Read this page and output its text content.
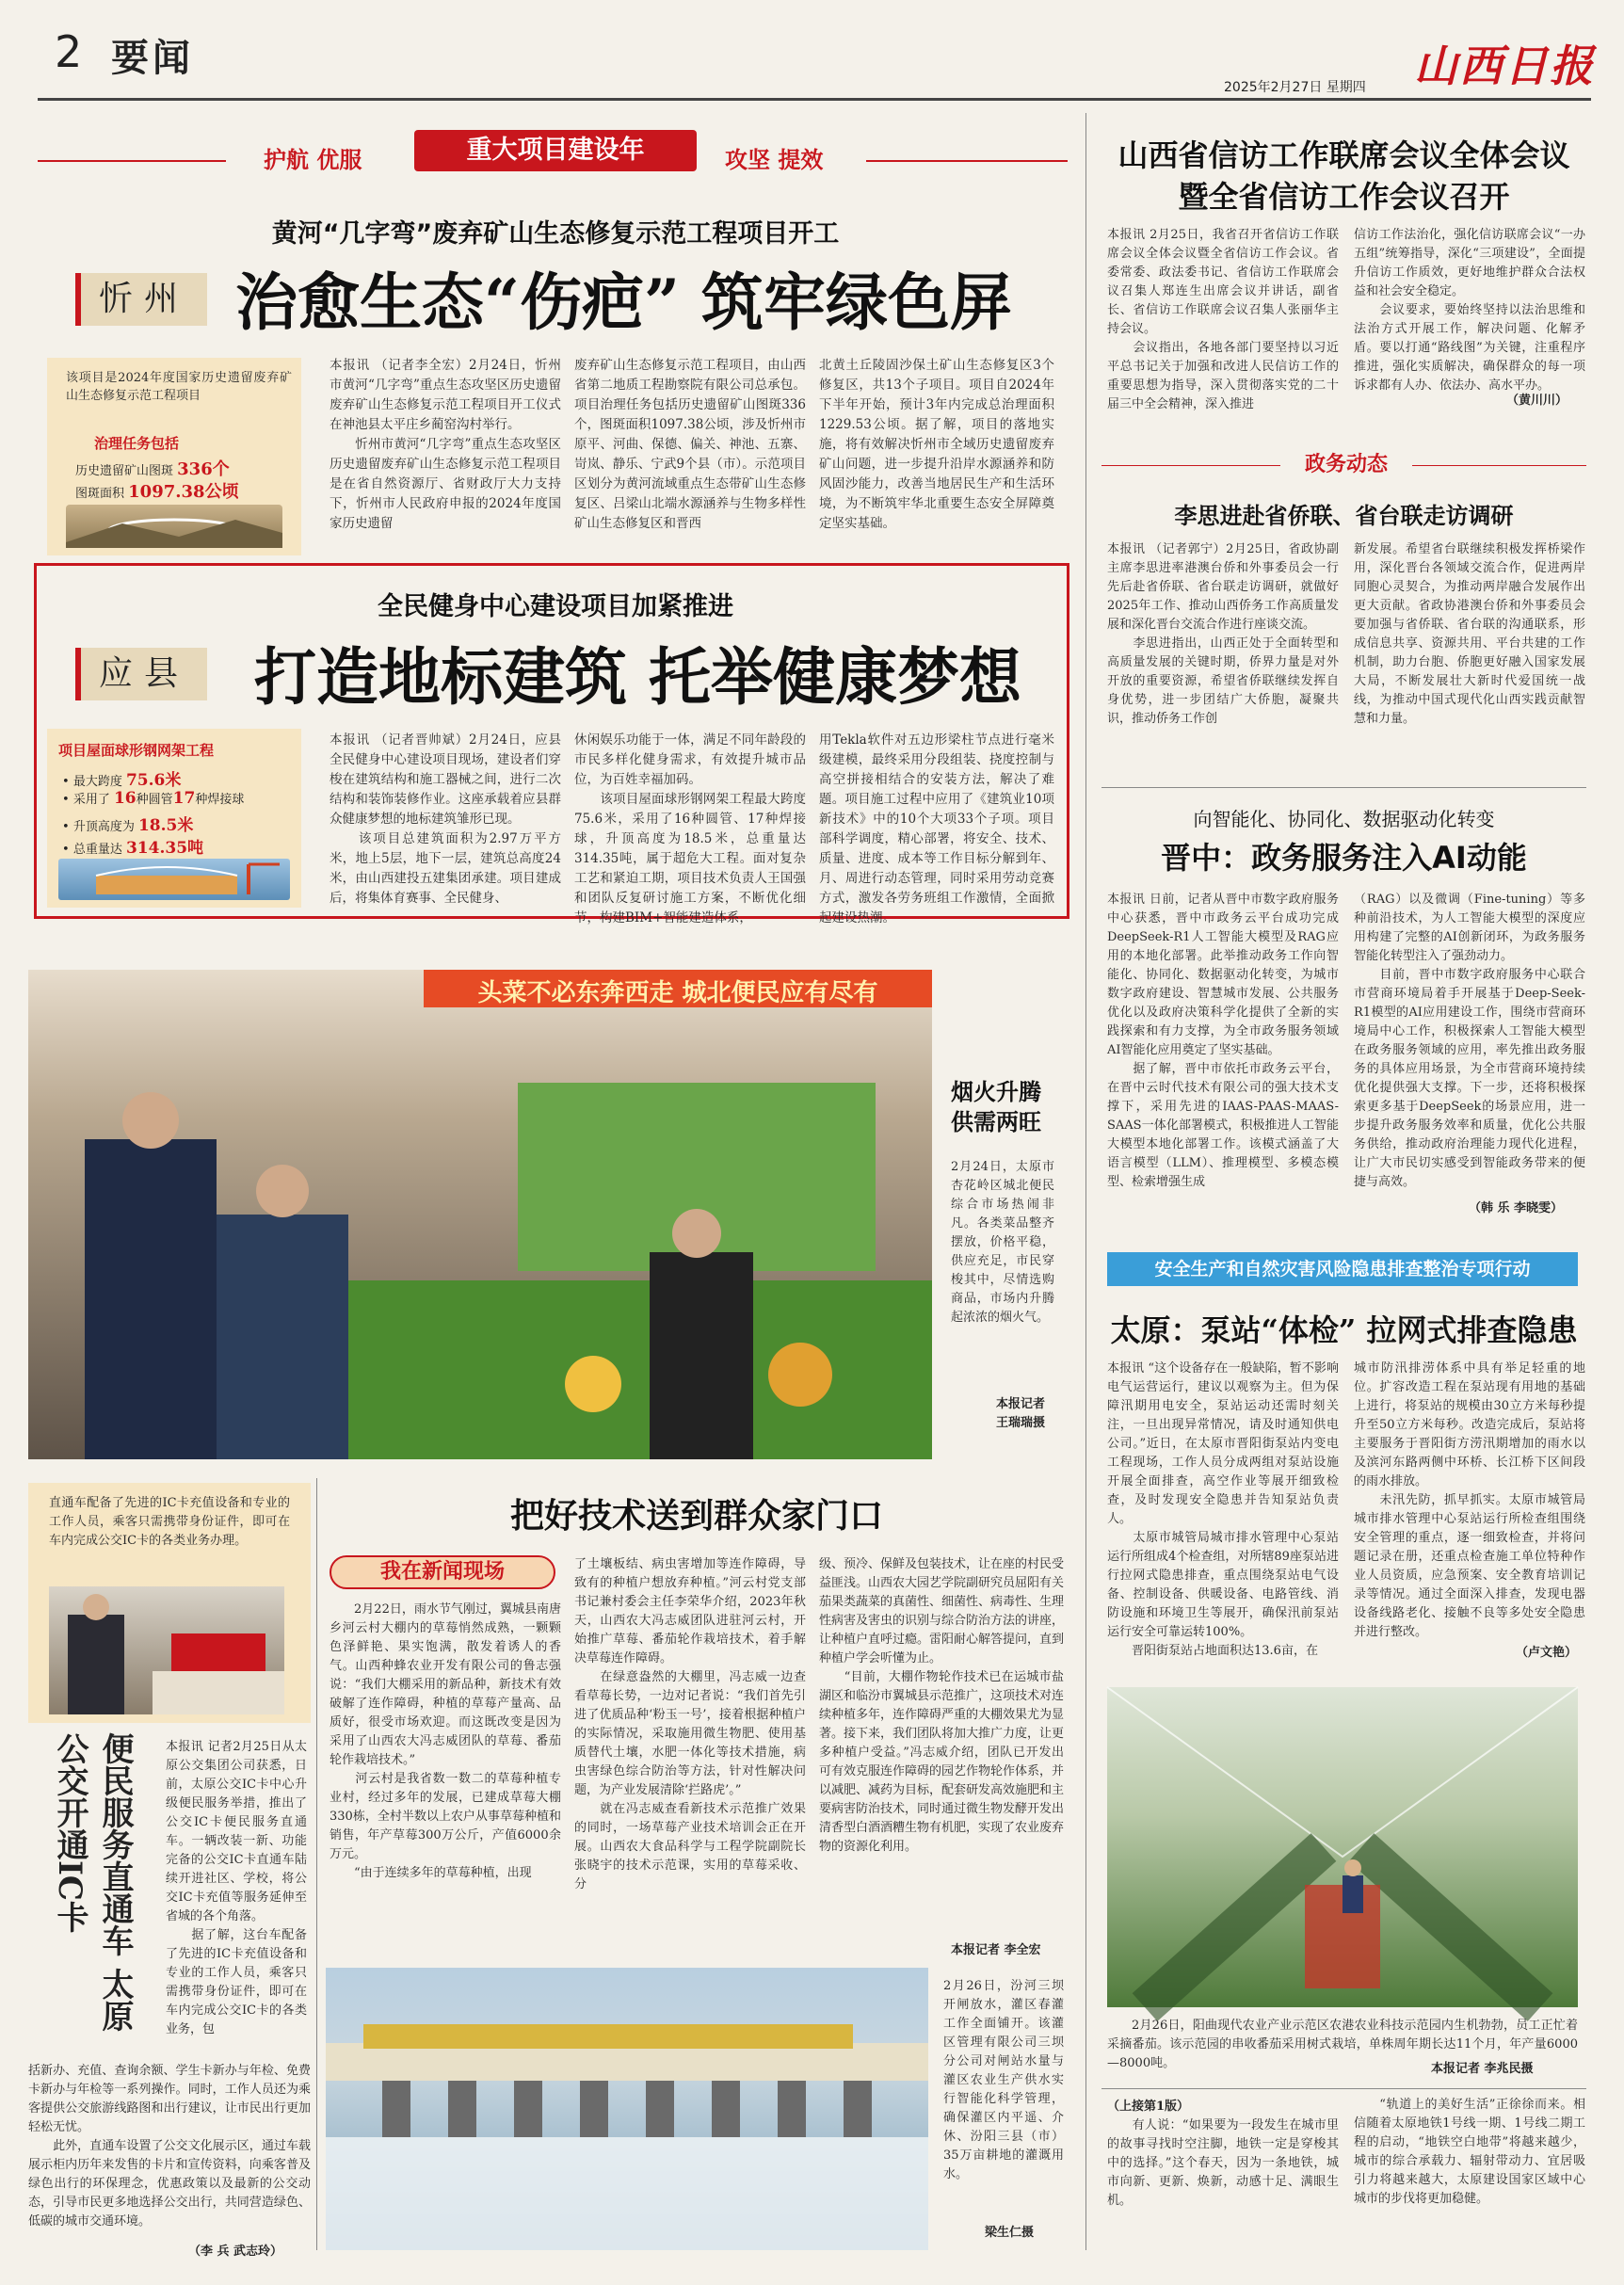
2 要闻
2025年2月27日 星期四 山西日报
护航 优服	重大项目建设年	攻坚 提效
黄河“几字弯”废弃矿山生态修复示范工程项目开工
忻州 治愈生态“伤疤” 筑牢绿色屏
该项目是2024年度国家历史遗留废弃矿山生态修复示范工程项目
治理任务包括
历史遗留矿山图斑 336个
图斑面积 1097.38公顷
本报讯 （记者李全宏）2月24日，忻州市黄河“几字弯”重点生态攻坚区历史遗留废弃矿山生态修复示范工程项目开工仪式在神池县太平庄乡蔺窑沟村举行。
　　忻州市黄河“几字弯”重点生态攻坚区历史遗留废弃矿山生态修复示范工程项目是在省自然资源厅、省财政厅大力支持下，忻州市人民政府申报的2024年度国家历史遗留
废弃矿山生态修复示范工程项目，由山西省第二地质工程勘察院有限公司总承包。项目治理任务包括历史遗留矿山图斑336个，图斑面积1097.38公顷，涉及忻州市原平、河曲、保德、偏关、神池、五寨、岢岚、静乐、宁武9个县（市）。示范项目区划分为黄河流域重点生态带矿山生态修复区、吕梁山北端水源涵养与生物多样性矿山生态修复区和晋西
北黄土丘陵固沙保土矿山生态修复区3个修复区，共13个子项目。项目自2024年下半年开始，预计3年内完成总治理面积1229.53公顷。据了解，项目的落地实施，将有效解决忻州市全域历史遗留废弃矿山问题，进一步提升沿岸水源涵养和防风固沙能力，改善当地居民生产和生活环境，为不断筑牢华北重要生态安全屏障奠定坚实基础。
全民健身中心建设项目加紧推进
应县 打造地标建筑 托举健康梦想
项目屋面球形钢网架工程
• 最大跨度 75.6米
• 采用了 16种圆管17种焊接球
• 升顶高度为 18.5米
• 总重量达 314.35吨
本报讯 （记者晋帅斌）2月24日，应县全民健身中心建设项目现场，建设者们穿梭在建筑结构和施工器械之间，进行二次结构和装饰装修作业。这座承载着应县群众健康梦想的地标建筑雏形已现。
　　该项目总建筑面积为2.97万平方米，地上5层，地下一层，建筑总高度24米，由山西建投五建集团承建。项目建成后，将集体育赛事、全民健身、
休闲娱乐功能于一体，满足不同年龄段的市民多样化健身需求，有效提升城市品位，为百姓幸福加码。
　　该项目屋面球形钢网架工程最大跨度75.6米，采用了16种圆管、17种焊接球，升顶高度为18.5米，总重量达314.35吨，属于超危大工程。面对复杂工艺和紧迫工期，项目技术负责人王国强和团队反复研讨施工方案，不断优化细节，构建BIM+智能建造体系，
用Tekla软件对五边形梁柱节点进行毫米级建模，最终采用分段组装、挠度控制与高空拼接相结合的安装方法，解决了难题。项目施工过程中应用了《建筑业10项新技术》中的10个大项33个子项。项目部科学调度，精心部署，将安全、技术、质量、进度、成本等工作目标分解到年、月、周进行动态管理，同时采用劳动竞赛方式，激发各劳务班组工作激情，全面掀起建设热潮。
山西省信访工作联席会议全体会议
暨全省信访工作会议召开
本报讯 2月25日，我省召开省信访工作联席会议全体会议暨全省信访工作会议。省委常委、政法委书记、省信访工作联席会议召集人郑连生出席会议并讲话，副省长、省信访工作联席会议召集人张丽华主持会议。
　　会议指出，各地各部门要坚持以习近平总书记关于加强和改进人民信访工作的重要思想为指导，深入贯彻落实党的二十届三中全会精神，深入推进
信访工作法治化，强化信访联席会议“一办五组”统筹指导，深化“三项建设”，全面提升信访工作质效，更好地维护群众合法权益和社会安全稳定。
　　会议要求，要始终坚持以法治思维和法治方式开展工作，解决问题、化解矛盾。要以打通“路线图”为关键，注重程序推进，强化实质解决，确保群众的每一项诉求都有人办、依法办、高水平办。
（黄川川）
政务动态
李思进赴省侨联、省台联走访调研
本报讯 （记者郭宁）2月25日，省政协副主席李思进率港澳台侨和外事委员会一行先后赴省侨联、省台联走访调研，就做好2025年工作、推动山西侨务工作高质量发展和深化晋台交流合作进行座谈交流。
　　李思进指出，山西正处于全面转型和高质量发展的关键时期，侨界力量是对外开放的重要资源，希望省侨联继续发挥自身优势，进一步团结广大侨胞，凝聚共识，推动侨务工作创
新发展。希望省台联继续积极发挥桥梁作用，深化晋台各领域交流合作，促进两岸同胞心灵契合，为推动两岸融合发展作出更大贡献。省政协港澳台侨和外事委员会要加强与省侨联、省台联的沟通联系，形成信息共享、资源共用、平台共建的工作机制，助力台胞、侨胞更好融入国家发展大局，不断发展壮大新时代爱国统一战线，为推动中国式现代化山西实践贡献智慧和力量。
向智能化、协同化、数据驱动化转变
晋中：政务服务注入AI动能
本报讯 日前，记者从晋中市数字政府服务中心获悉，晋中市政务云平台成功完成DeepSeek-R1人工智能大模型及RAG应用的本地化部署。此举推动政务工作向智能化、协同化、数据驱动化转变，为城市数字政府建设、智慧城市发展、公共服务优化以及政府决策科学化提供了全新的实践探索和有力支撑，为全市政务服务领域AI智能化应用奠定了坚实基础。
　　据了解，晋中市依托市政务云平台，在晋中云时代技术有限公司的强大技术支撑下，采用先进的IAAS-PAAS-MAAS-SAAS一体化部署模式，积极推进人工智能大模型本地化部署工作。该模式涵盖了大语言模型（LLM）、推理模型、多模态模型、检索增强生成
（RAG）以及微调（Fine-tuning）等多种前沿技术，为人工智能大模型的深度应用构建了完整的AI创新闭环，为政务服务智能化转型注入了强劲动力。
　　目前，晋中市数字政府服务中心联合市营商环境局着手开展基于Deep-Seek-R1模型的AI应用建设工作，围绕市营商环境局中心工作，积极探索人工智能大模型在政务服务领域的应用，率先推出政务服务的具体应用场景，为全市营商环境持续优化提供强大支撑。下一步，还将积极探索更多基于DeepSeek的场景应用，进一步提升政务服务效率和质量，优化公共服务供给，推动政府治理能力现代化进程，让广大市民切实感受到智能政务带来的便捷与高效。
（韩 乐 李晓雯）
安全生产和自然灾害风险隐患排查整治专项行动
太原：泵站“体检” 拉网式排查隐患
本报讯 “这个设备存在一般缺陷，暂不影响电气运营运行，建议以观察为主。但为保障汛期用电安全，泵站运动还需时刻关注，一旦出现异常情况，请及时通知供电公司。”近日，在太原市晋阳街泵站内变电工程现场，工作人员分成两组对泵站设施开展全面排查，高空作业等展开细致检查，及时发现安全隐患并告知泵站负责人。
　　太原市城管局城市排水管理中心泵站运行所组成4个检查组，对所辖89座泵站进行拉网式隐患排查，重点围绕泵站电气设备、控制设备、供暖设备、电路管线、消防设施和环境卫生等展开，确保汛前泵站运行安全可靠运转100%。
　　晋阳街泵站占地面积达13.6亩，在
城市防汛排涝体系中具有举足轻重的地位。扩容改造工程在泵站现有用地的基础上进行，将泵站的规模由30立方米每秒提升至50立方米每秒。改造完成后，泵站将主要服务于晋阳街方涝汛期增加的雨水以及滨河东路两侧中环桥、长江桥下区间段的雨水排放。
　　未汛先防，抓早抓实。太原市城管局城市排水管理中心泵站运行所检查组围绕安全管理的重点，逐一细致检查，并将问题记录在册，还重点检查施工单位特种作业人员资质，应急预案、安全教育培训记录等情况。通过全面深入排查，发现电器设备线路老化、接触不良等多处安全隐患并进行整改。
（卢文艳）
2月26日，阳曲现代农业产业示范区农港农业科技示范园内生机勃勃，员工正忙着采摘番茄。该示范园的串收番茄采用树式栽培，单株周年期长达11个月，年产量6000—8000吨。	本报记者 李兆民摄
（上接第1版）
　　有人说：“如果要为一段发生在城市里的故事寻找时空注脚，地铁一定是穿梭其中的选择。”这个春天，因为一条地铁，城市向新、更新、焕新，动感十足、满眼生机。
　　“轨道上的美好生活”正徐徐而来。相信随着太原地铁1号线一期、1号线二期工程的启动，“地铁空白地带”将越来越少，城市的综合承载力、辐射带动力、宜居吸引力将越来越大，太原建设国家区域中心城市的步伐将更加稳健。
头菜不必东奔西走 城北便民应有尽有
烟火升腾
供需两旺
2月24日，太原市杏花岭区城北便民综合市场热闹非凡。各类菜品整齐摆放，价格平稳，供应充足，市民穿梭其中，尽情选购商品，市场内升腾起浓浓的烟火气。
本报记者
王瑞瑞摄
直通车配备了先进的IC卡充值设备和专业的工作人员，乘客只需携带身份证件，即可在车内完成公交IC卡的各类业务办理。
便民服务直通车 太原公交开通IC卡	本报讯 记者2月25日从太原公交集团公司获悉，日前，太原公交IC卡中心升级便民服务举措，推出了公交IC卡便民服务直通车。一辆改装一新、功能完备的公交IC卡直通车陆续开进社区、学校，将公交IC卡充值等服务延伸至省城的各个角落。
　　据了解，这台车配备了先进的IC卡充值设备和专业的工作人员，乘客只需携带身份证件，即可在车内完成公交IC卡的各类业务，包
括新办、充值、查询余额、学生卡新办与年检、免费卡新办与年检等一系列操作。同时，工作人员还为乘客提供公交旅游线路图和出行建议，让市民出行更加轻松无忧。
　　此外，直通车设置了公交文化展示区，通过车载展示柜内历年来发售的卡片和宣传资料，向乘客普及绿色出行的环保理念，优惠政策以及最新的公交动态，引导市民更多地选择公交出行，共同营造绿色、低碳的城市交通环境。
（李 兵 武志玲）
把好技术送到群众家门口
我在新闻现场
　　2月22日，雨水节气刚过，翼城县南唐乡河云村大棚内的草莓悄然成熟，一颗颗色泽鲜艳、果实饱满，散发着诱人的香气。山西种蜂农业开发有限公司的鲁志强说：“我们大棚采用的新品种，新技术有效破解了连作障碍，种植的草莓产量高、品质好，很受市场欢迎。而这既改变是因为采用了山西农大冯志威团队的草莓、番茄轮作栽培技术。”
　　河云村是我省数一数二的草莓种植专业村，经过多年的发展，已建成草莓大棚330栋，全村半数以上农户从事草莓种植和销售，年产草莓300万公斤，产值6000余万元。
　　“由于连续多年的草莓种植，出现
了土壤板结、病虫害增加等连作障碍，导致有的种植户想放弃种植。”河云村党支部书记兼村委会主任李荣华介绍，2023年秋天，山西农大冯志威团队进驻河云村，开始推广草莓、番茄轮作栽培技术，着手解决草莓连作障碍。
　　在绿意盎然的大棚里，冯志威一边查看草莓长势，一边对记者说：“我们首先引进了优质品种‘粉玉一号’，接着根据种植户的实际情况，采取施用微生物肥、使用基质替代土壤，水肥一体化等技术措施，病虫害绿色综合防治等方法，针对性解决问题，为产业发展清除‘拦路虎’。”
　　就在冯志威查看新技术示范推广效果的同时，一场草莓产业技术培训会正在开展。山西农大食品科学与工程学院副院长张晓宇的技术示范课，实用的草莓采收、分
级、预冷、保鲜及包装技术，让在座的村民受益匪浅。山西农大园艺学院副研究员屈阳有关茄果类蔬菜的真菌性、细菌性、病毒性、生理性病害及害虫的识别与综合防治方法的讲座，让种植户直呼过瘾。雷阳耐心解答提问，直到种植户学会听懂为止。
　　“目前，大棚作物轮作技术已在运城市盐湖区和临汾市翼城县示范推广，这项技术对连续种植多年，连作障碍严重的大棚效果尤为显著。接下来，我们团队将加大推广力度，让更多种植户受益。”冯志威介绍，团队已开发出可有效克服连作障碍的园艺作物轮作体系，并以减肥、减药为目标，配套研发高效施肥和主要病害防治技术，同时通过微生物发酵开发出清香型白酒酒糟生物有机肥，实现了农业废弃物的资源化利用。
本报记者 李全宏
2月26日，汾河三坝开闸放水，灌区春灌工作全面铺开。该灌区管理有限公司三坝分公司对闸站水量与灌区农业生产供水实行智能化科学管理，确保灌区内平遥、介休、汾阳三县（市）35万亩耕地的灌溉用水。
梁生仁摄
